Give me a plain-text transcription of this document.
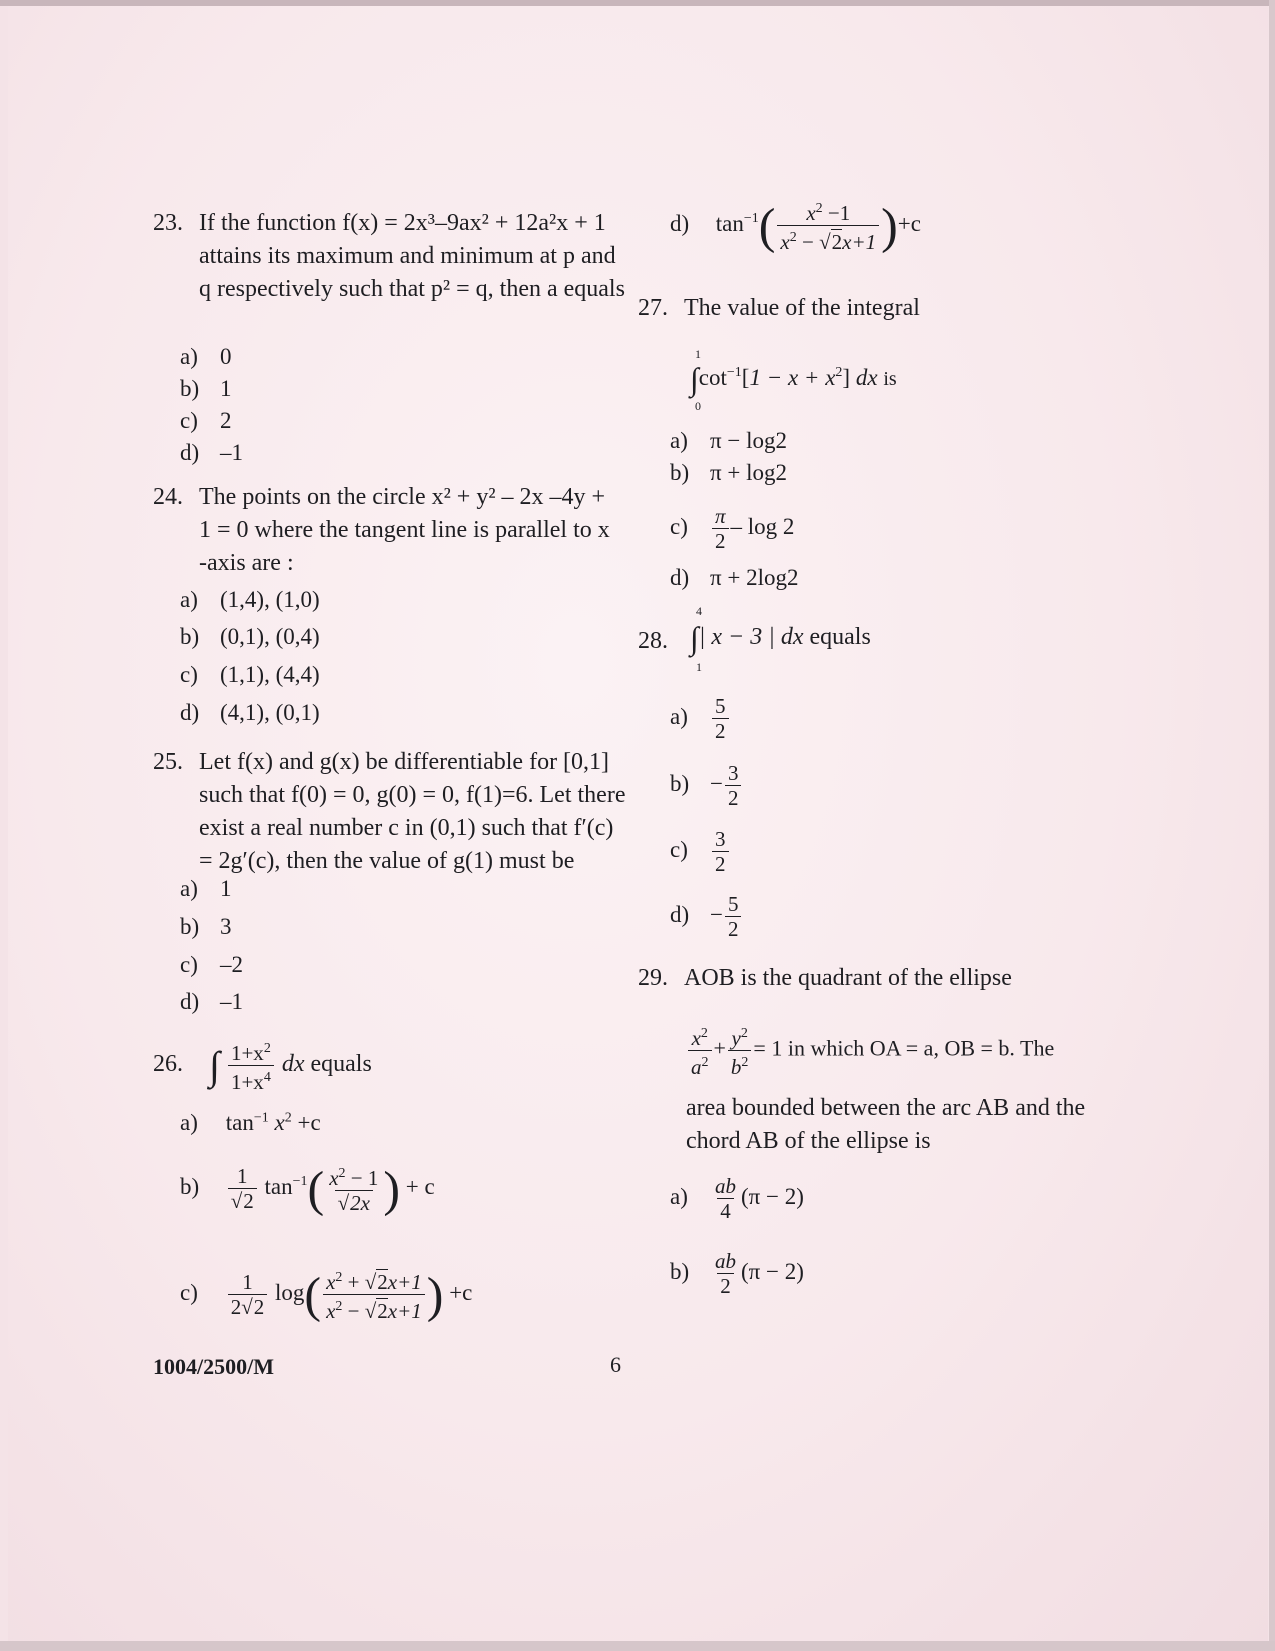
23. If the function f(x) = 2x³–9ax² + 12a²x + 1
attains its maximum and minimum at p and
q respectively such that p² = q, then a equals
a) 0
b) 1
c) 2
d) –1
24. The points on the circle x² + y² – 2x –4y +
1 = 0 where the tangent line is parallel to x
-axis are :
a) (1,4), (1,0)
b) (0,1), (0,4)
c) (1,1), (4,4)
d) (4,1), (0,1)
25. Let f(x) and g(x) be differentiable for [0,1]
such that f(0) = 0, g(0) = 0, f(1)=6. Let there
exist a real number c in (0,1) such that f′(c)
= 2g′(c), then the value of g(1) must be
a) 1
b) 3
c) –2
d) –1
26. ∫ $\frac{1+x^2}{1+x^4}$ dx equals
a) $\tan^{-1} x^2 +c$
$b) \frac{1}{√2} \tan^{-1}( \frac{x^2 - 1}{√2x}$ ) + c
$c) \frac{1}{2√2} \log( \frac{x^2 + √2x+1}{x^2 - √2x+1}$ ) +c
d) $\tan^{-1}( \frac{x^2 -1}{x^2 - √2x+1} )+c$
27. The value of the integral
1
0
$\int\cot^{-1}[1 - x + x^2]$ dx is
a) π − log2
b) π + log2
$c) \frac{\pi}{2}$ – log 2
d) π + 2log2
28.
4
1
∫| x − 3 | dx equals
$a) \frac{5}{2}$
$b) - \frac{3}{2}$
$c) \frac{3}{2}$
$d) - \frac{5}{2}$
29. AOB is the quadrant of the ellipse
$\frac{x^2}{a^2} + \frac{y^2}{b^2} = 1$ in which OA = a, OB = b. The
area bounded between the arc AB and the
chord AB of the ellipse is
$a) \frac{ab}{4} (\pi - 2)$
$b) \frac{ab}{2} (\pi - 2)$
1004/2500/M	6
